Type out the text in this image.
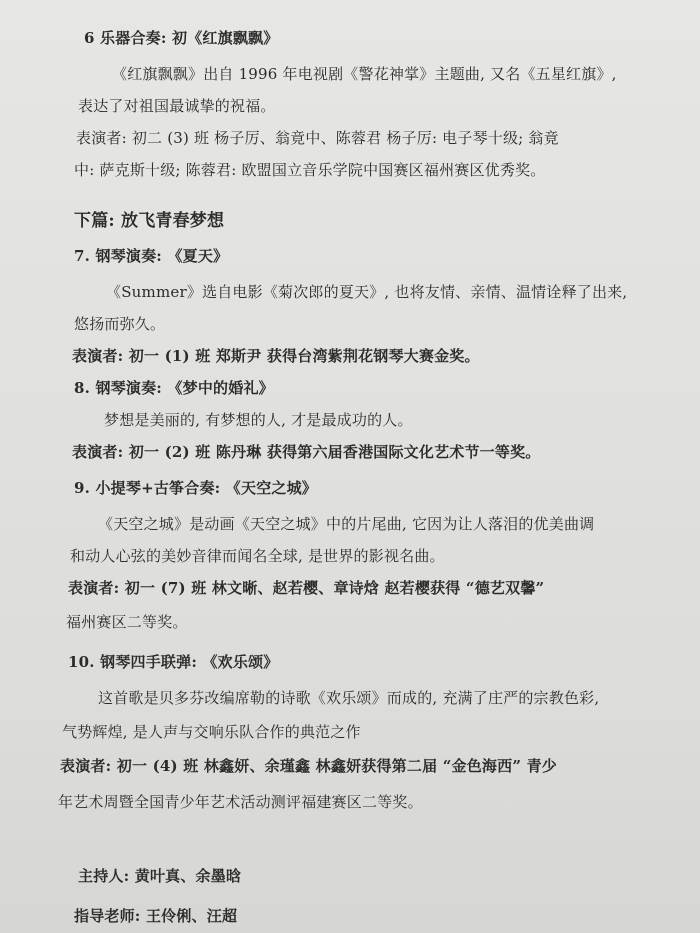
6 乐器合奏: 初《红旗飘飘》
《红旗飘飘》出自 1996 年电视剧《警花神掌》主题曲, 又名《五星红旗》,
表达了对祖国最诚挚的祝福。
表演者: 初二 (3) 班 杨子厉、翁竟中、陈蓉君 杨子厉: 电子琴十级; 翁竟
中: 萨克斯十级; 陈蓉君: 欧盟国立音乐学院中国赛区福州赛区优秀奖。
下篇: 放飞青春梦想
7. 钢琴演奏: 《夏天》
《Summer》选自电影《菊次郎的夏天》, 也将友情、亲情、温情诠释了出来,
悠扬而弥久。
表演者: 初一 (1) 班 郑斯尹 获得台湾紫荆花钢琴大赛金奖。
8. 钢琴演奏: 《梦中的婚礼》
梦想是美丽的, 有梦想的人, 才是最成功的人。
表演者: 初一 (2) 班 陈丹琳 获得第六届香港国际文化艺术节一等奖。
9. 小提琴+古筝合奏: 《天空之城》
《天空之城》是动画《天空之城》中的片尾曲, 它因为让人落泪的优美曲调
和动人心弦的美妙音律而闻名全球, 是世界的影视名曲。
表演者: 初一 (7) 班 林文晰、赵若樱、章诗焓 赵若樱获得 “德艺双馨”
福州赛区二等奖。
10. 钢琴四手联弹: 《欢乐颂》
这首歌是贝多芬改编席勒的诗歌《欢乐颂》而成的, 充满了庄严的宗教色彩,
气势辉煌, 是人声与交响乐队合作的典范之作
表演者: 初一 (4) 班 林鑫妍、余瑾鑫 林鑫妍获得第二届 “金色海西” 青少
年艺术周暨全国青少年艺术活动测评福建赛区二等奖。
主持人: 黄叶真、余墨晗
指导老师: 王伶俐、汪超
